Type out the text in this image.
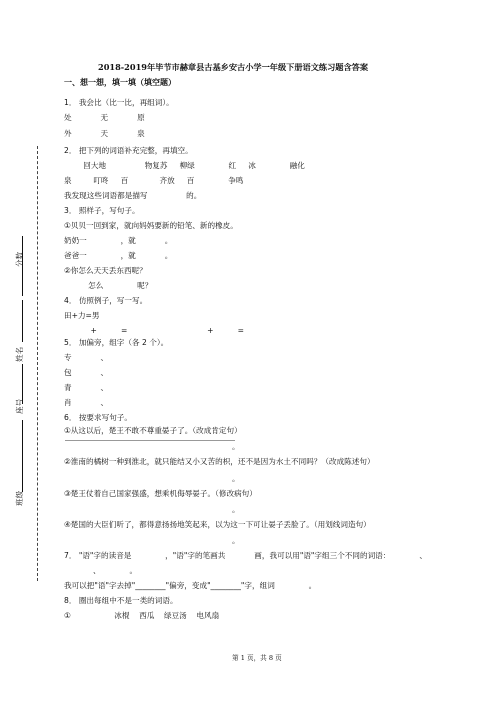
2018-2019年毕节市赫章县古基乡安古小学一年级下册语文练习题含答案
一、想一想，填一填（填空题）
1． 我会比（比一比，再组词）。
处            无            原
外            天            泉
2． 把下列的词语补充完整，再填空。
回大地                物复苏     柳绿              红     冰              融化
泉         叮咚     百             齐放     百              争鸣
我发现这些词语都是描写                的。
3． 照样子，写句子。
①贝贝一回到家，就向妈妈要新的铅笔、新的橡皮。
奶奶一              ，就            。
爸爸一              ，就            。
②你怎么天天丢东西呢？
怎么              呢？
4． 仿照例子，写一写。
田+力=男
+          =                                 +          =
5． 加偏旁，组字（各 2 个）。
专            、
包            、
青            、
肖            、
6． 按要求写句子。
①从这以后，楚王不敢不尊重晏子了。（改成肯定句）
。
②淮南的橘树一种到淮北，就只能结又小又苦的枳，还不是因为水土不同吗？（改成陈述句）
。
③楚王仗着自己国家强盛，想乘机侮辱晏子。（修改病句）
。
④楚国的大臣们听了，都得意扬扬地笑起来，以为这一下可让晏子丢脸了。（用划线词造句）
。
7． "语"字的读音是              ，"语"字的笔画共            画，我可以用"语"字组三个不同的词语：            、
、            。
我可以把"语"字去掉"________"偏旁，变成"________"字，组词              。
8． 圈出每组中不是一类的词语。
①                  冰棍    西瓜    绿豆汤    电风扇
分数
姓名
座号
班级
第 1 页，共 8 页
